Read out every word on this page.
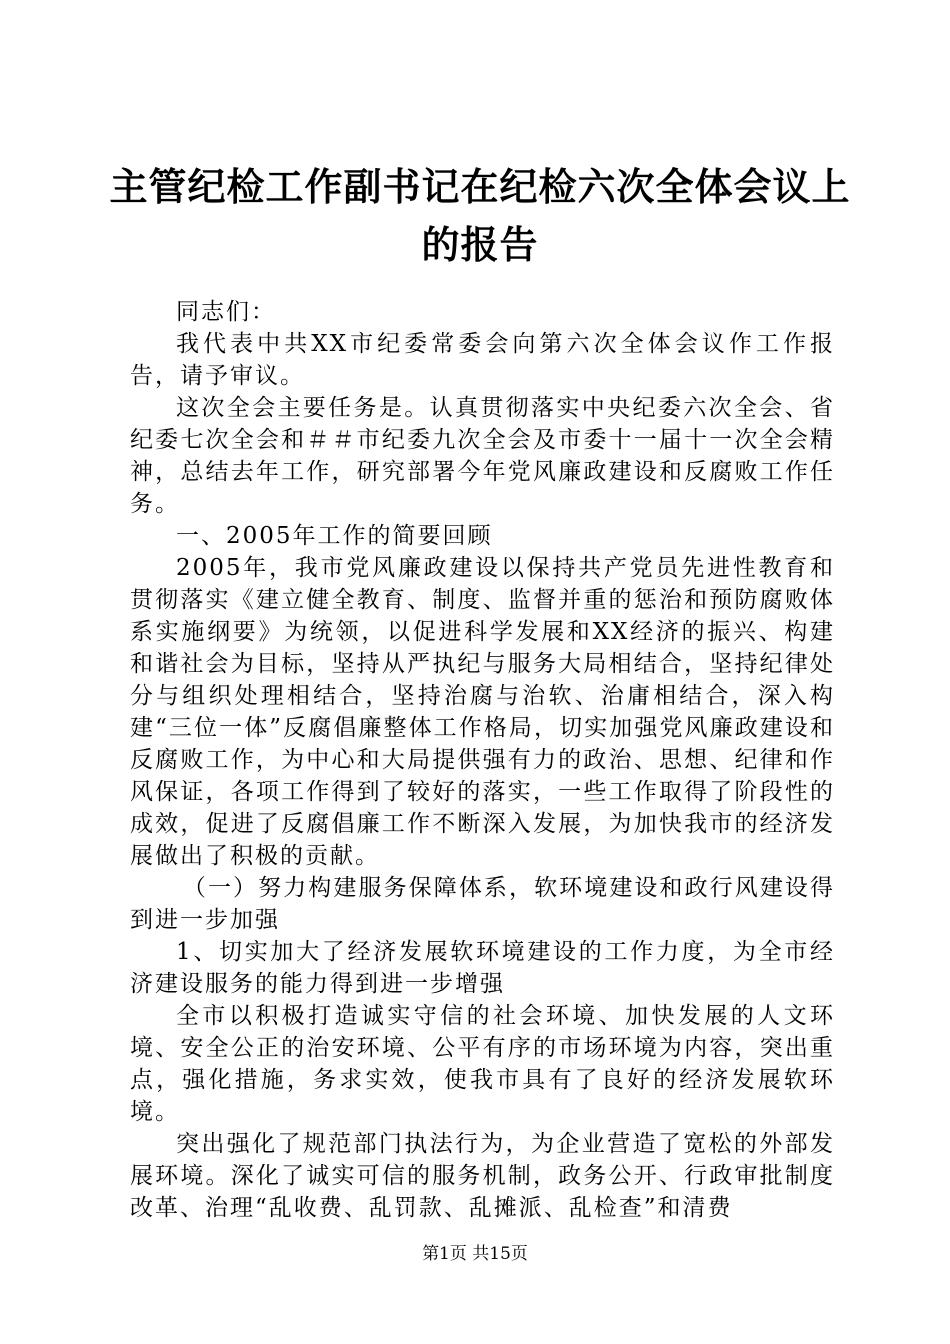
主管纪检工作副书记在纪检六次全体会议上的报告

同志们：

我代表中共XX市纪委常委会向第六次全体会议作工作报告，请予审议。

这次全会主要任务是。认真贯彻落实中央纪委六次全会、省纪委七次全会和＃＃市纪委九次全会及市委十一届十一次全会精神，总结去年工作，研究部署今年党风廉政建设和反腐败工作任务。

一、2005年工作的简要回顾

2005年，我市党风廉政建设以保持共产党员先进性教育和贯彻落实《建立健全教育、制度、监督并重的惩治和预防腐败体系实施纲要》为统领，以促进科学发展和XX经济的振兴、构建和谐社会为目标，坚持从严执纪与服务大局相结合，坚持纪律处分与组织处理相结合，坚持治腐与治软、治庸相结合，深入构建“三位一体”反腐倡廉整体工作格局，切实加强党风廉政建设和反腐败工作，为中心和大局提供强有力的政治、思想、纪律和作风保证，各项工作得到了较好的落实，一些工作取得了阶段性的成效，促进了反腐倡廉工作不断深入发展，为加快我市的经济发展做出了积极的贡献。

（一）努力构建服务保障体系，软环境建设和政行风建设得到进一步加强

1、切实加大了经济发展软环境建设的工作力度，为全市经济建设服务的能力得到进一步增强

全市以积极打造诚实守信的社会环境、加快发展的人文环境、安全公正的治安环境、公平有序的市场环境为内容，突出重点，强化措施，务求实效，使我市具有了良好的经济发展软环境。

突出强化了规范部门执法行为，为企业营造了宽松的外部发展环境。深化了诚实可信的服务机制，政务公开、行政审批制度改革、治理“乱收费、乱罚款、乱摊派、乱检查”和清费

第1页 共15页
